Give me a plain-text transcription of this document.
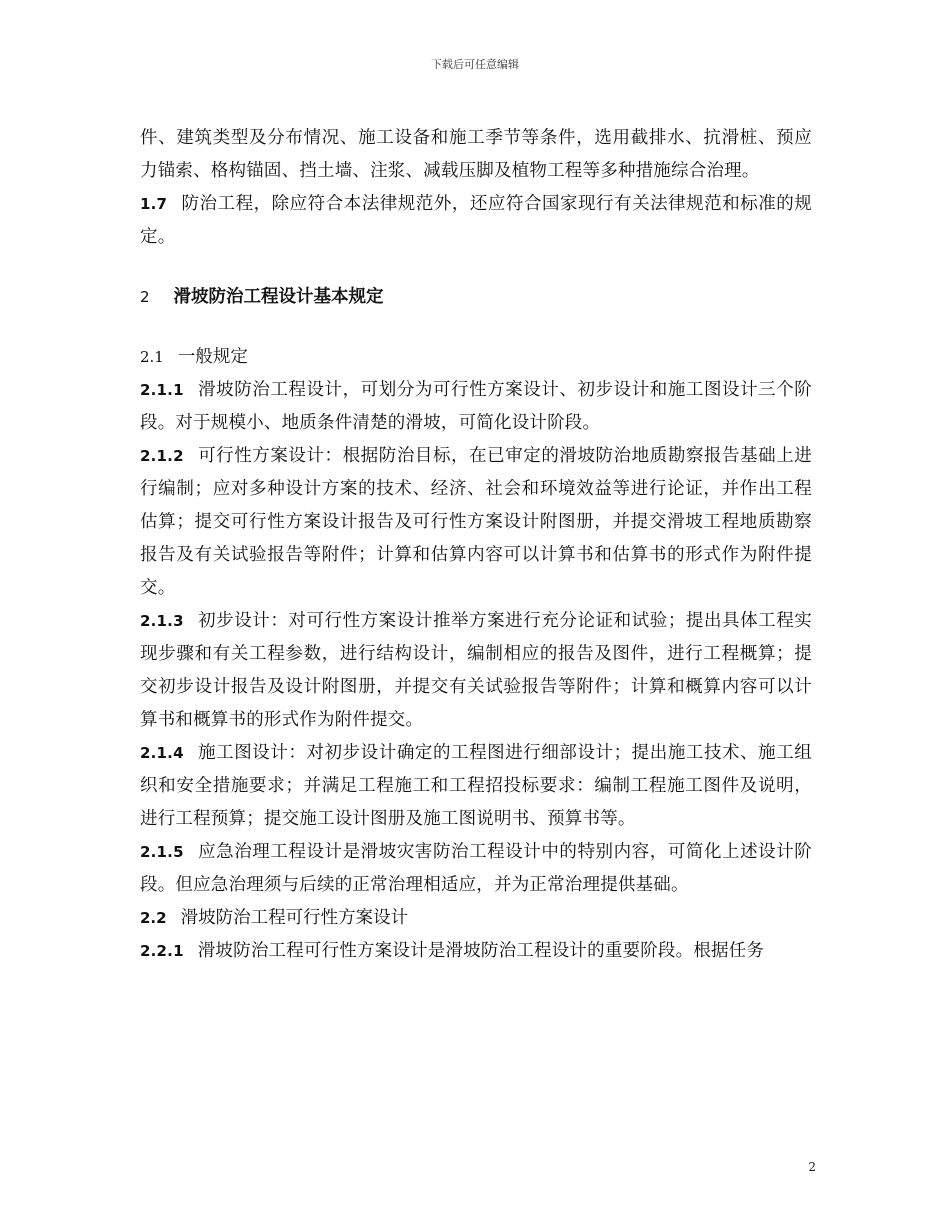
下载后可任意编辑

件、建筑类型及分布情况、施工设备和施工季节等条件，选用截排水、抗滑桩、预应力锚索、格构锚固、挡土墙、注浆、减载压脚及植物工程等多种措施综合治理。

1.7 防治工程，除应符合本法律规范外，还应符合国家现行有关法律规范和标准的规定。

2 滑坡防治工程设计基本规定

2.1 一般规定

2.1.1 滑坡防治工程设计，可划分为可行性方案设计、初步设计和施工图设计三个阶段。对于规模小、地质条件清楚的滑坡，可简化设计阶段。

2.1.2 可行性方案设计：根据防治目标，在已审定的滑坡防治地质勘察报告基础上进行编制；应对多种设计方案的技术、经济、社会和环境效益等进行论证，并作出工程估算；提交可行性方案设计报告及可行性方案设计附图册，并提交滑坡工程地质勘察报告及有关试验报告等附件；计算和估算内容可以计算书和估算书的形式作为附件提交。

2.1.3 初步设计：对可行性方案设计推举方案进行充分论证和试验；提出具体工程实现步骤和有关工程参数，进行结构设计，编制相应的报告及图件，进行工程概算；提交初步设计报告及设计附图册，并提交有关试验报告等附件；计算和概算内容可以计算书和概算书的形式作为附件提交。

2.1.4 施工图设计：对初步设计确定的工程图进行细部设计；提出施工技术、施工组织和安全措施要求；并满足工程施工和工程招投标要求：编制工程施工图件及说明，进行工程预算；提交施工设计图册及施工图说明书、预算书等。

2.1.5 应急治理工程设计是滑坡灾害防治工程设计中的特别内容，可简化上述设计阶段。但应急治理须与后续的正常治理相适应，并为正常治理提供基础。

2.2 滑坡防治工程可行性方案设计

2.2.1 滑坡防治工程可行性方案设计是滑坡防治工程设计的重要阶段。根据任务

2
